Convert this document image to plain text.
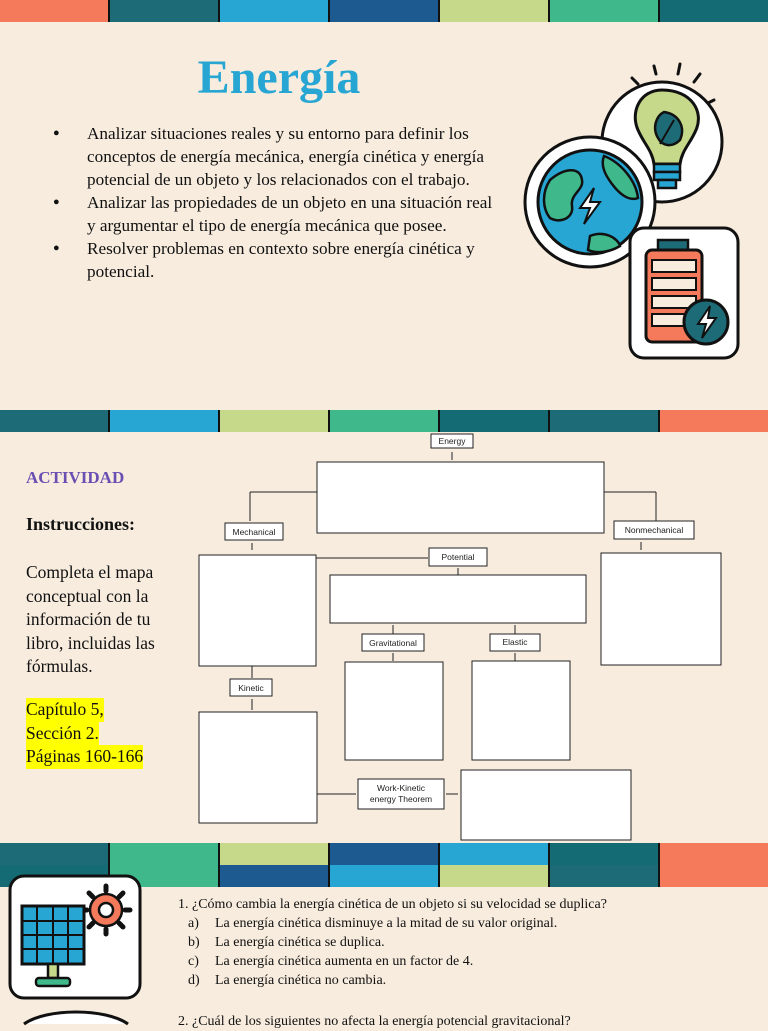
Energía
● Analizar situaciones reales y su entorno para definir los conceptos de energía mecánica, energía cinética y energía potencial de un objeto y los relacionados con el trabajo.
● Analizar las propiedades de un objeto en una situación real y argumentar el tipo de energía mecánica que posee.
● Resolver problemas en contexto sobre energía cinética y potencial.
ACTIVIDAD
Instrucciones:
Completa el mapa conceptual con la información de tu libro, incluidas las fórmulas.
Capítulo 5,
Sección 2.
Páginas 160-166
Energy
Mechanical	Nonmechanical
Potential
Gravitational	Elastic
Kinetic
Work-Kinetic
energy Theorem
1. ¿Cómo cambia la energía cinética de un objeto si su velocidad se duplica?
a)	La energía cinética disminuye a la mitad de su valor original.
b)	La energía cinética se duplica.
c)	La energía cinética aumenta en un factor de 4.
d)	La energía cinética no cambia.
2. ¿Cuál de los siguientes no afecta la energía potencial gravitacional?
